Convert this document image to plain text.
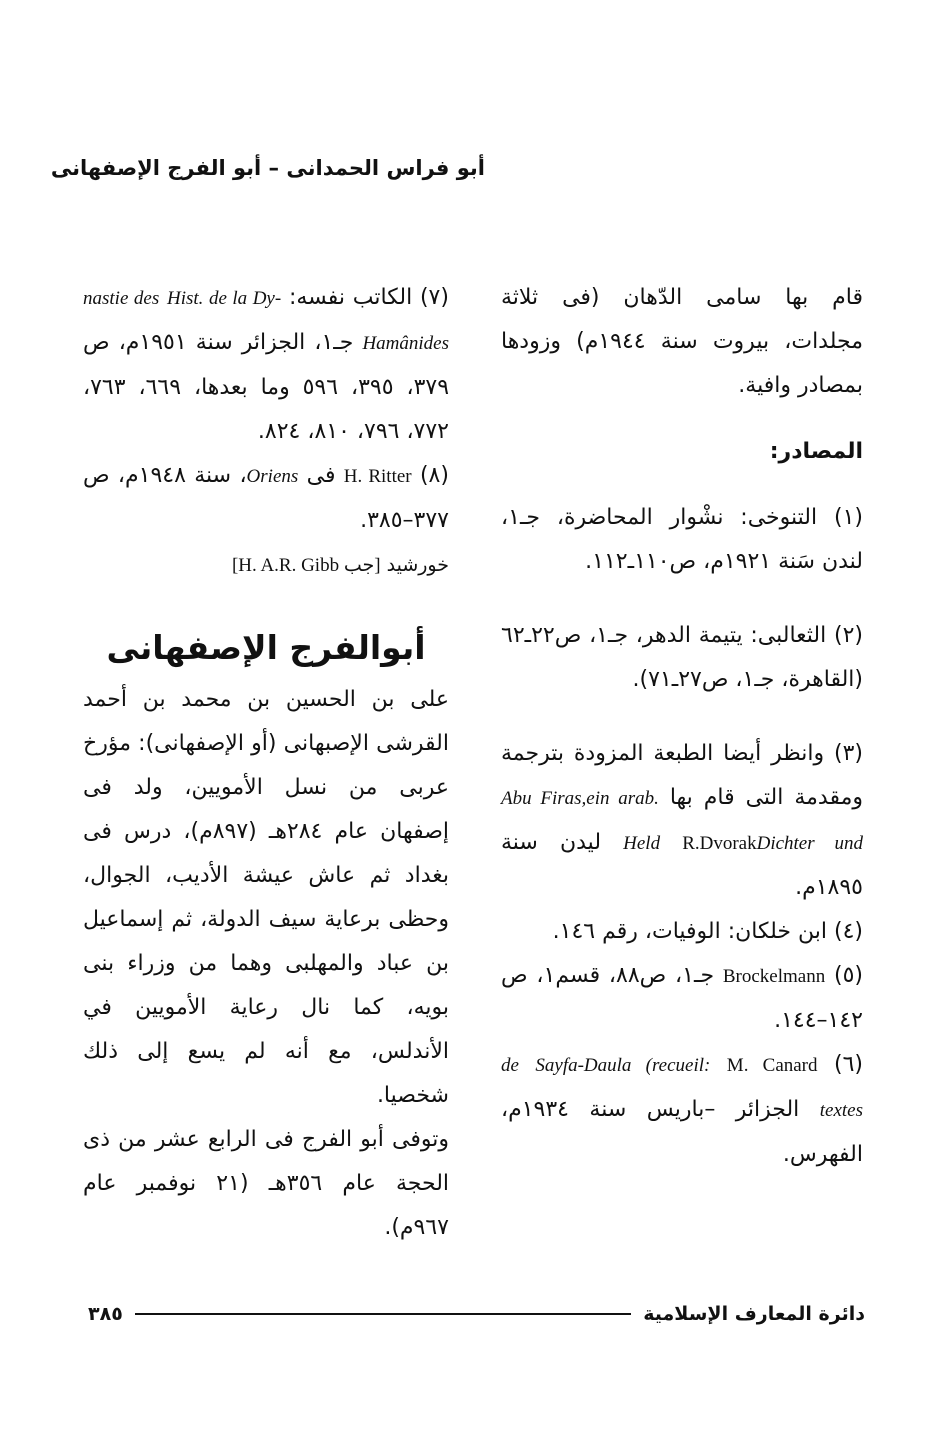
أبو فراس الحمدانى – أبو الفرج الإصفهانى

قام بها سامى الدّهان (فى ثلاثة مجلدات، بيروت سنة ١٩٤٤م) وزودها بمصادر وافية.

المصادر:

(١) التنوخى: نشْوار المحاضرة، جـ١، لندن سَنة ١٩٢١م، ص١١٠ـ١١٢.

(٢) الثعالبى: يتيمة الدهر، جـ١، ص٢٢ـ٦٢ (القاهرة، جـ١، ص٢٧ـ٧١).

(٣) وانظر أيضا الطبعة المزودة بترجمة ومقدمة التى قام بها Abu Firas,ein arab. Dichter undR.Dvorak Held ليدن سنة ١٨٩٥م.

(٤) ابن خلكان: الوفيات، رقم ١٤٦.

(٥) Brockelmann جـ١، ص٨٨، قسم١، ص ١٤٢–١٤٤.

(٦) M. Canard Sayfa-Daula (recueil: de textes الجزائر –باريس سنة ١٩٣٤م، الفهرس.

(٧) الكاتب نفسه: Hist. de la Dy- nastie des Hamânides جـ١، الجزائر سنة ١٩٥١م، ص ٣٧٩، ٣٩٥، ٥٩٦ وما بعدها، ٦٦٩، ٧٦٣، ٧٧٢، ٧٩٦، ٨١٠، ٨٢٤.

(٨) H. Ritter فى Oriens، سنة ١٩٤٨م، ص ٣٧٧–٣٨٥.

خورشيد [جب H. A.R. Gibb]

أبوالفرج الإصفهانى

على بن الحسين بن محمد بن أحمد القرشى الإصبهانى (أو الإصفهانى): مؤرخ عربى من نسل الأمويين، ولد فى إصفهان عام ٢٨٤هـ (٨٩٧م)، درس فى بغداد ثم عاش عيشة الأديب، الجوال، وحظى برعاية سيف الدولة، ثم إسماعيل بن عباد والمهلبى وهما من وزراء بنى بويه، كما نال رعاية الأمويين في الأندلس، مع أنه لم يسع إلى ذلك شخصيا.

وتوفى أبو الفرج فى الرابع عشر من ذى الحجة عام ٣٥٦هـ (٢١ نوفمبر عام ٩٦٧م).

دائرة المعارف الإسلامية
٣٨٥
